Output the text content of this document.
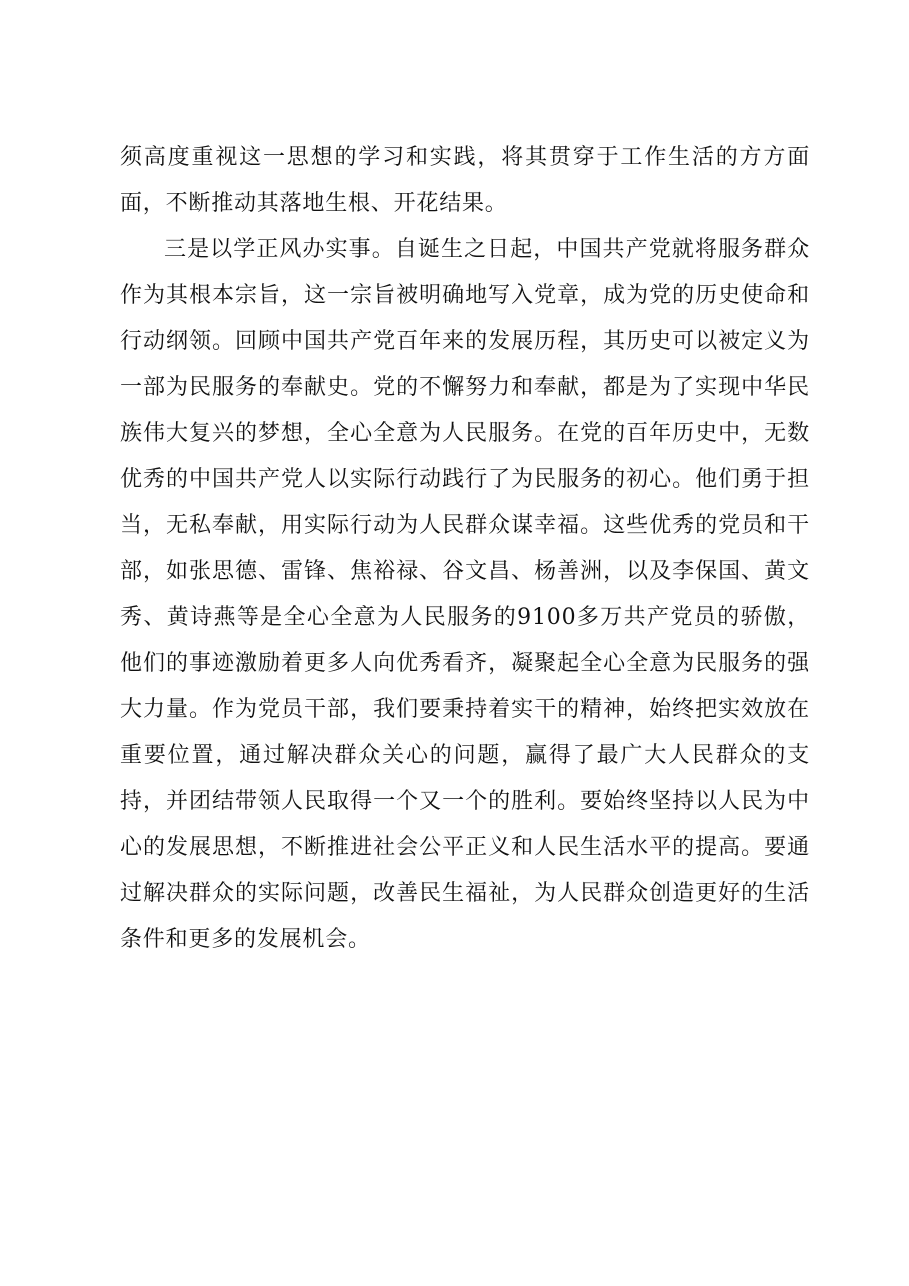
须高度重视这一思想的学习和实践，将其贯穿于工作生活的方方面面，不断推动其落地生根、开花结果。

三是以学正风办实事。自诞生之日起，中国共产党就将服务群众作为其根本宗旨，这一宗旨被明确地写入党章，成为党的历史使命和行动纲领。回顾中国共产党百年来的发展历程，其历史可以被定义为一部为民服务的奉献史。党的不懈努力和奉献，都是为了实现中华民族伟大复兴的梦想，全心全意为人民服务。在党的百年历史中，无数优秀的中国共产党人以实际行动践行了为民服务的初心。他们勇于担当，无私奉献，用实际行动为人民群众谋幸福。这些优秀的党员和干部，如张思德、雷锋、焦裕禄、谷文昌、杨善洲，以及李保国、黄文秀、黄诗燕等是全心全意为人民服务的9100多万共产党员的骄傲，他们的事迹激励着更多人向优秀看齐，凝聚起全心全意为民服务的强大力量。作为党员干部，我们要秉持着实干的精神，始终把实效放在重要位置，通过解决群众关心的问题，赢得了最广大人民群众的支持，并团结带领人民取得一个又一个的胜利。要始终坚持以人民为中心的发展思想，不断推进社会公平正义和人民生活水平的提高。要通过解决群众的实际问题，改善民生福祉，为人民群众创造更好的生活条件和更多的发展机会。
